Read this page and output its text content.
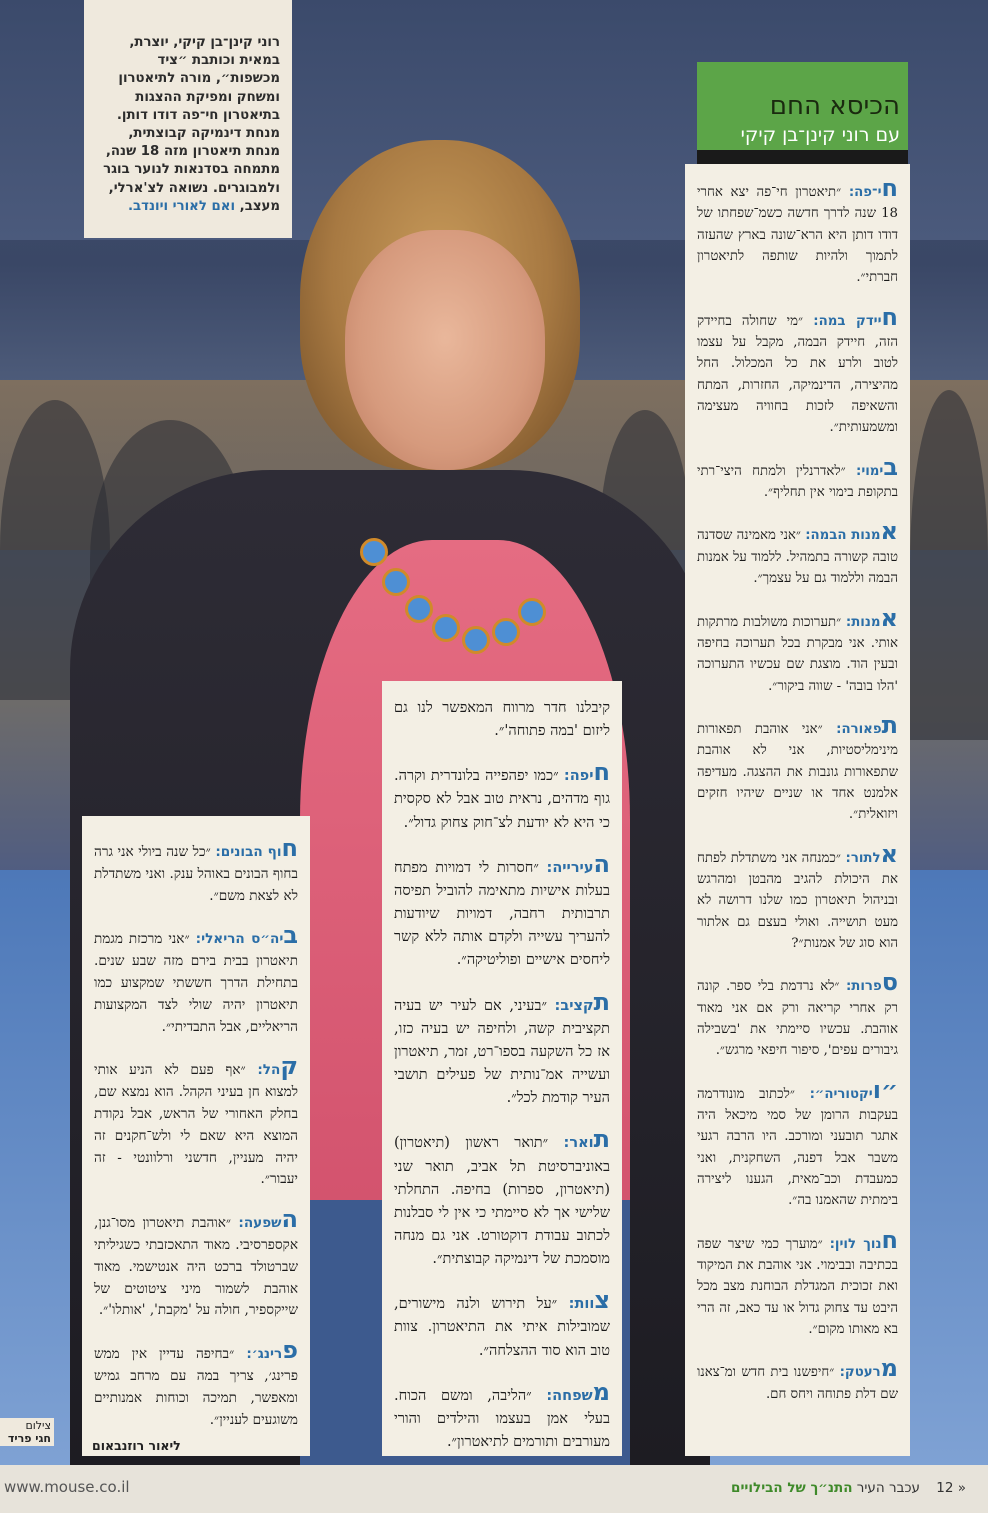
רוני קינן־בן קיקי, יוצרת, במאית וכותבת ״ציד מכשפות״, מורה לתיאטרון ומשחק ומפיקת ההצגות בתיאטרון חי־פה דודו דותן. מנחת דינמיקה קבוצתית, מנחת תיאטרון מזה 18 שנה, מתמחה בסדנאות לנוער בוגר ולמבוגרים. נשואה לצ'ארלי, מעצב, ואם לאורי ויונדב.
הכיסא החם
עם רוני קינן־בן קיקי

חי־פה: ״תיאטרון חי־פה יצא אחרי 18 שנה לדרך חדשה כשמ־שפחתו של דודו דותן היא הרא־שונה בארץ שהעזה לתמוך ולהיות שותפה לתיאטרון חברתי״.

חיידק במה: ״מי שחולה בחיידק הזה, חיידק הבמה, מקבל על עצמו לטוב ולרע את כל המכלול. החל מהיצירה, הדינמיקה, החזרות, המתח והשאיפה לזכות בחוויה מעצימה ומשמעותית״.

בימוי: ״לאדרנלין ולמתח היצי־רתי בתקופת בימוי אין תחליף״.

אמנות הבמה: ״אני מאמינה שסדנה טובה קשורה בתמהיל. ללמוד על אמנות הבמה וללמוד גם על עצמך״.

אמנות: ״תערוכות משולבות מרתקות אותי. אני מבקרת בכל תערוכה בחיפה ובעין הוד. מוצגת שם עכשיו התערוכה 'הלו בובה' - שווה ביקור״.

תפאורה: ״אני אוהבת תפאורות מינימליסטיות, אני לא אוהבת שתפאורות גונבות את ההצגה. מעדיפה אלמנט אחד או שניים שיהיו חזקים ויזואלית״.

אלתור: ״כמנחה אני משתדלת לפתח את היכולת להגיב מהבטן ומהרגש ובניהול תיאטרון כמו שלנו דרושה לא מעט תושייה. ואולי בעצם גם אלתור הוא סוג של אמנות״?

ספרות: ״לא נרדמת בלי ספר. קונה רק אחרי קריאה ורק אם אני מאוד אוהבת. עכשיו סיימתי את 'בשבילה גיבורים עפים', סיפור חיפאי מרגש״.

״ויקטוריה״: ״לכתוב מונודרמה בעקבות הרומן של סמי מיכאל היה אתגר תובעני ומורכב. היו הרבה רגעי משבר אבל דפנה, השחקנית, ואני כמעבדת וכב־מאית, הגענו ליצירה בימתית שהאמנו בה״.

חנוך לוין: ״מוערך כמי שיצר שפה בכתיבה ובבימוי. אני אוהבת את המיקוד ואת זכוכית המגדלת הבוחנת מצב מכל היבט עד צחוק גדול או עד כאב, זה הרי בא מאותו מקום״.

מרעטק: ״חיפשנו בית חדש ומ־צאנו שם דלת פתוחה ויחס חם.

קיבלנו חדר מרווח המאפשר לנו גם ליזום 'במה פתוחה'״.

חיפה: ״כמו יפהפייה בלונדרית וקרה. גוף מדהים, נראית טוב אבל לא סקסית כי היא לא יודעת לצ־חוק צחוק גדול״.

העירייה: ״חסרות לי דמויות מפתח בעלות אישיות מתאימה להוביל תפיסה תרבותית רחבה, דמויות שיודעות להעריך עשייה ולקדם אותה ללא קשר ליחסים אישיים ופוליטיקה״.

תקציב: ״בעיני, אם לעיר יש בעיה תקציבית קשה, ולחיפה יש בעיה כזו, אז כל השקעה בספו־רט, זמר, תיאטרון ועשייה אמ־נותית של פעילים תושבי העיר קודמת לכל״.

תואר: ״תואר ראשון (תיאטרון) באוניברסיטת תל אביב, תואר שני (תיאטרון, ספרות) בחיפה. התחלתי שלישי אך לא סיימתי כי אין לי סבלנות לכתוב עבודת דוקטורט. אני גם מנחה מוסמכת של דינמיקה קבוצתית״.

צוות: ״על תירוש ולנה מישורים, שמובילות איתי את התיאטרון. צוות טוב הוא סוד ההצלחה״.

משפחה: ״הליבה, ומשם הכוח. בעלי אמן בעצמו והילדים והורי מעורבים ותורמים לתיאטרון״.

חוף הבונים: ״כל שנה ביולי אני גרה בחוף הבונים באוהל ענק. ואני משתדלת לא לצאת משם״.

ביה״ס הריאלי: ״אני מרכזת מגמת תיאטרון בבית בירם מזה שבע שנים. בתחילת הדרך חששתי שמקצוע כמו תיאטרון יהיה שולי לצד המקצועות הריאליים, אבל התבדיתי״.

קהל: ״אף פעם לא הניע אותי למצוא חן בעיני הקהל. הוא נמצא שם, בחלק האחורי של הראש, אבל נקודת המוצא היא שאם לי ולש־חקנים זה יהיה מעניין, חדשני ורלוונטי - זה יעבור״.

השפעה: ״אוהבת תיאטרון מסו־גנן, אקספרסיבי. מאוד התאכזבתי כשגיליתי שברטולד ברכט היה אנטישמי. מאוד אוהבת לשמור מיני ציטוטים של שייקספיר, חולה על 'מקבת', 'אותלו'״.

פרינג׳: ״בחיפה עדיין אין ממש פרינג׳, צריך במה עם מרחב גמיש ומאפשר, תמיכה וכוחות אמנותיים משוגעים לעניין״.

ליאור רוזנבאום
צילום
חגי פריד
www.mouse.co.il	עכבר העיר התנ״ך של הבילויים	12 »
